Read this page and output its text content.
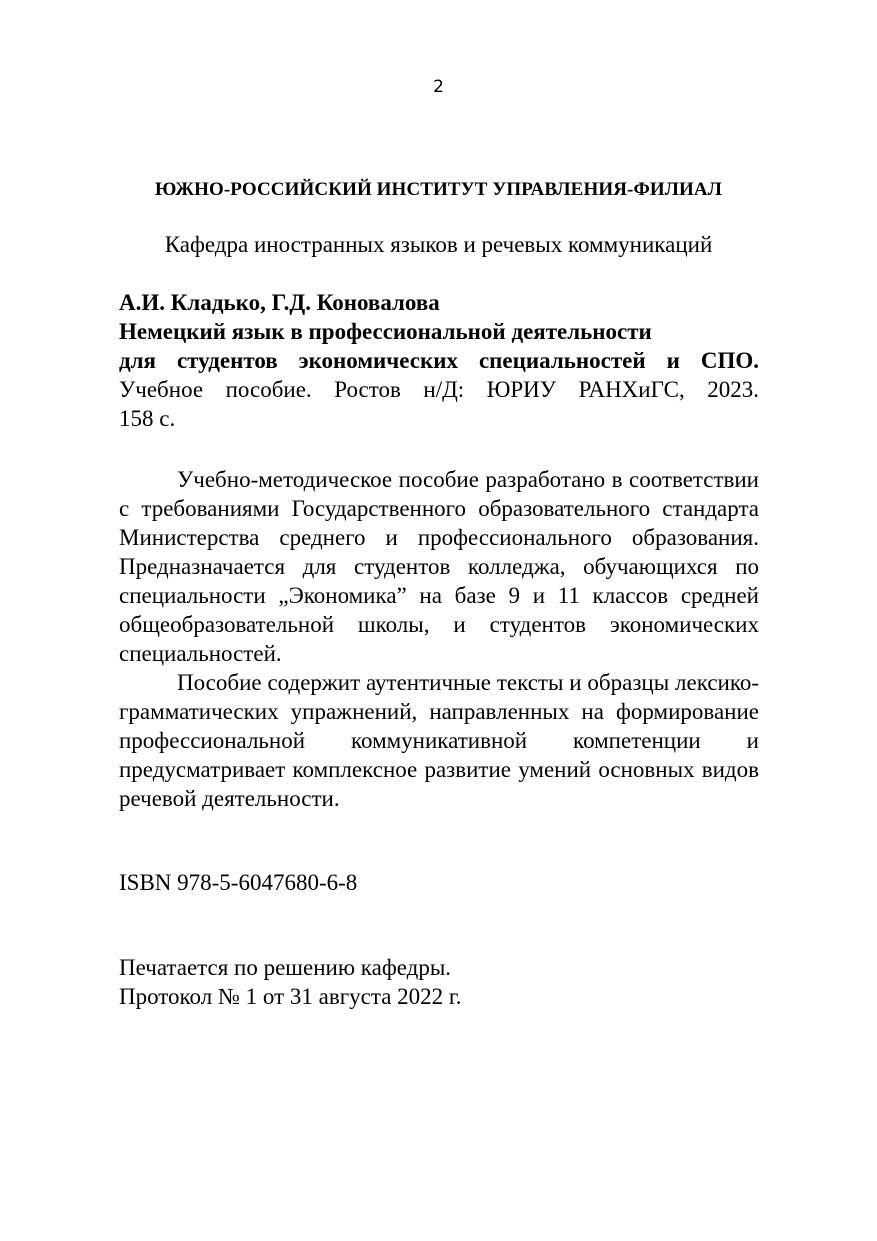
2
ЮЖНО-РОССИЙСКИЙ ИНСТИТУТ УПРАВЛЕНИЯ-ФИЛИАЛ
Кафедра иностранных языков и речевых коммуникаций
А.И. Кладько, Г.Д. Коновалова
Немецкий язык в профессиональной деятельности
для студентов экономических специальностей и СПО.
Учебное пособие. Ростов н/Д: ЮРИУ РАНХиГС, 2023.
158 с.

Учебно-методическое пособие разработано в соответствии с требованиями Государственного образовательного стандарта Министерства среднего и профессионального образования. Предназначается для студентов колледжа, обучающихся по специальности „Экономика” на базе 9 и 11 классов средней общеобразовательной школы, и студентов экономических специальностей.

Пособие содержит аутентичные тексты и образцы лексико-грамматических упражнений, направленных на формирование профессиональной коммуникативной компетенции и предусматривает комплексное развитие умений основных видов речевой деятельности.

ISBN 978-5-6047680-6-8
Печатается по решению кафедры.
Протокол № 1 от 31 августа 2022 г.
